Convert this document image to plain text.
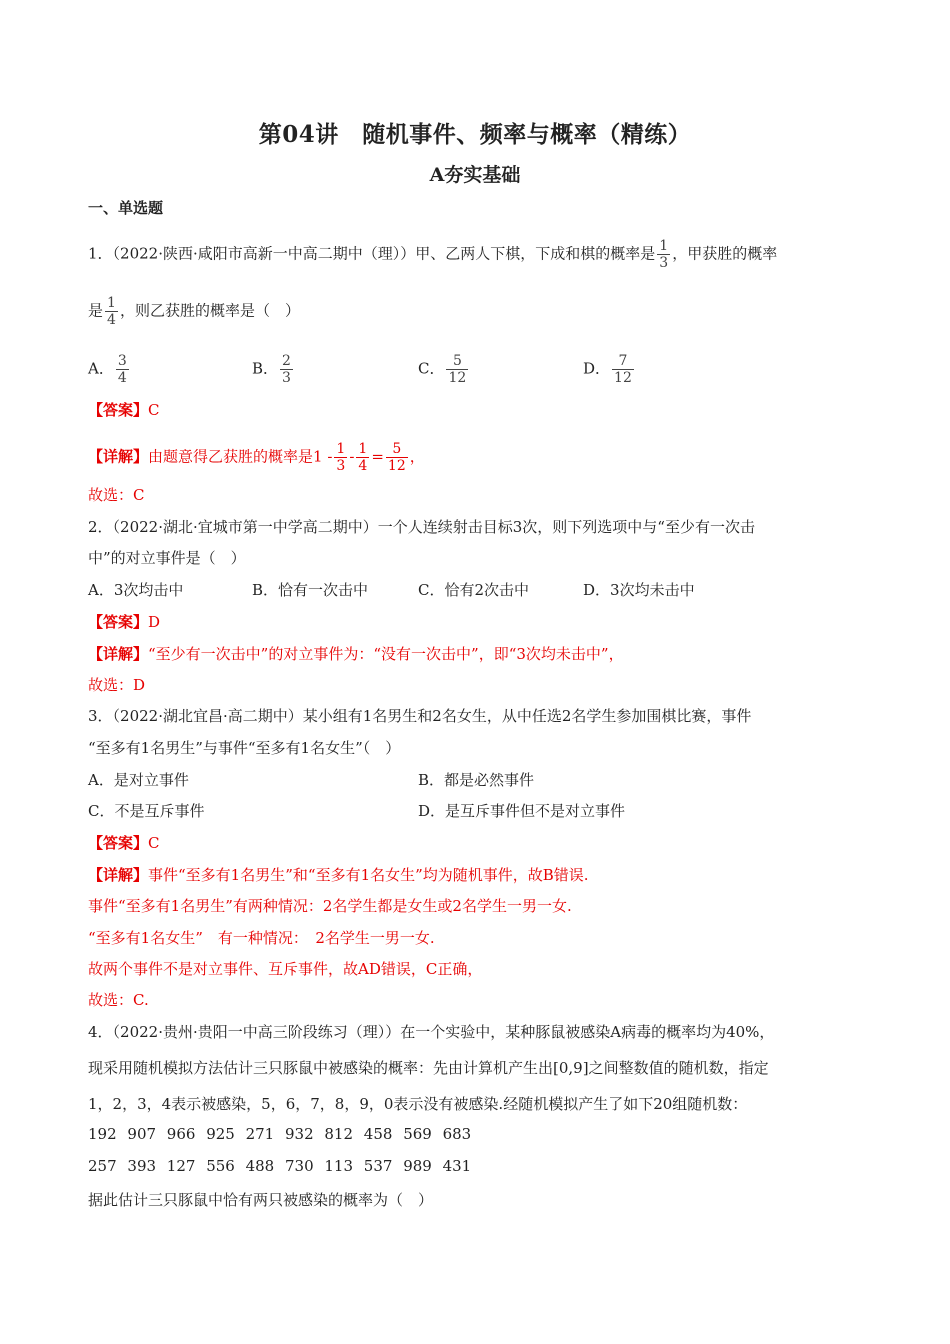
第04讲　随机事件、频率与概率（精练）
A夯实基础
一、单选题
1．（2022·陕西·咸阳市高新一中高二期中（理））甲、乙两人下棋，下成和棋的概率是 $\frac{1}{3}$ ，甲获胜的概率
是 $\frac{1}{4}$ ，则乙获胜的概率是（　）
A． $\frac{3}{4}$	B． $\frac{2}{3}$	C． $\frac{5}{12}$	D． $\frac{7}{12}$
【答案】C
【详解】由题意得乙获胜的概率是$1 - \frac{1}{3} - \frac{1}{4} = \frac{5}{12}$ ，
故选：C
2．（2022·湖北·宜城市第一中学高二期中）一个人连续射击目标3次，则下列选项中与“至少有一次击
中”的对立事件是（　）
A．3次均击中	B．恰有一次击中	C．恰有2次击中	D．3次均未击中
【答案】D
【详解】“至少有一次击中”的对立事件为：“没有一次击中”，即“3次均未击中”，
故选：D
3．（2022·湖北宜昌·高二期中）某小组有1名男生和2名女生，从中任选2名学生参加围棋比赛，事件
“至多有1名男生”与事件“至多有1名女生”（　）
A．是对立事件	B．都是必然事件
C．不是互斥事件	D．是互斥事件但不是对立事件
【答案】C
【详解】事件“至多有1名男生”和“至多有1名女生”均为随机事件，故B错误.
事件“至多有1名男生”有两种情况：2名学生都是女生或2名学生一男一女.
“至多有1名女生”　有一种情况：　2名学生一男一女.
故两个事件不是对立事件、互斥事件，故AD错误，C正确，
故选：C.
4．（2022·贵州·贵阳一中高三阶段练习（理））在一个实验中，某种豚鼠被感染A病毒的概率均为40%，
现采用随机模拟方法估计三只豚鼠中被感染的概率：先由计算机产生出[0,9]之间整数值的随机数，指定
1，2，3，4表示被感染，5，6，7，8，9，0表示没有被感染.经随机模拟产生了如下20组随机数：
192 907 966 925 271 932 812 458 569 683
257 393 127 556 488 730 113 537 989 431
据此估计三只豚鼠中恰有两只被感染的概率为（　）
